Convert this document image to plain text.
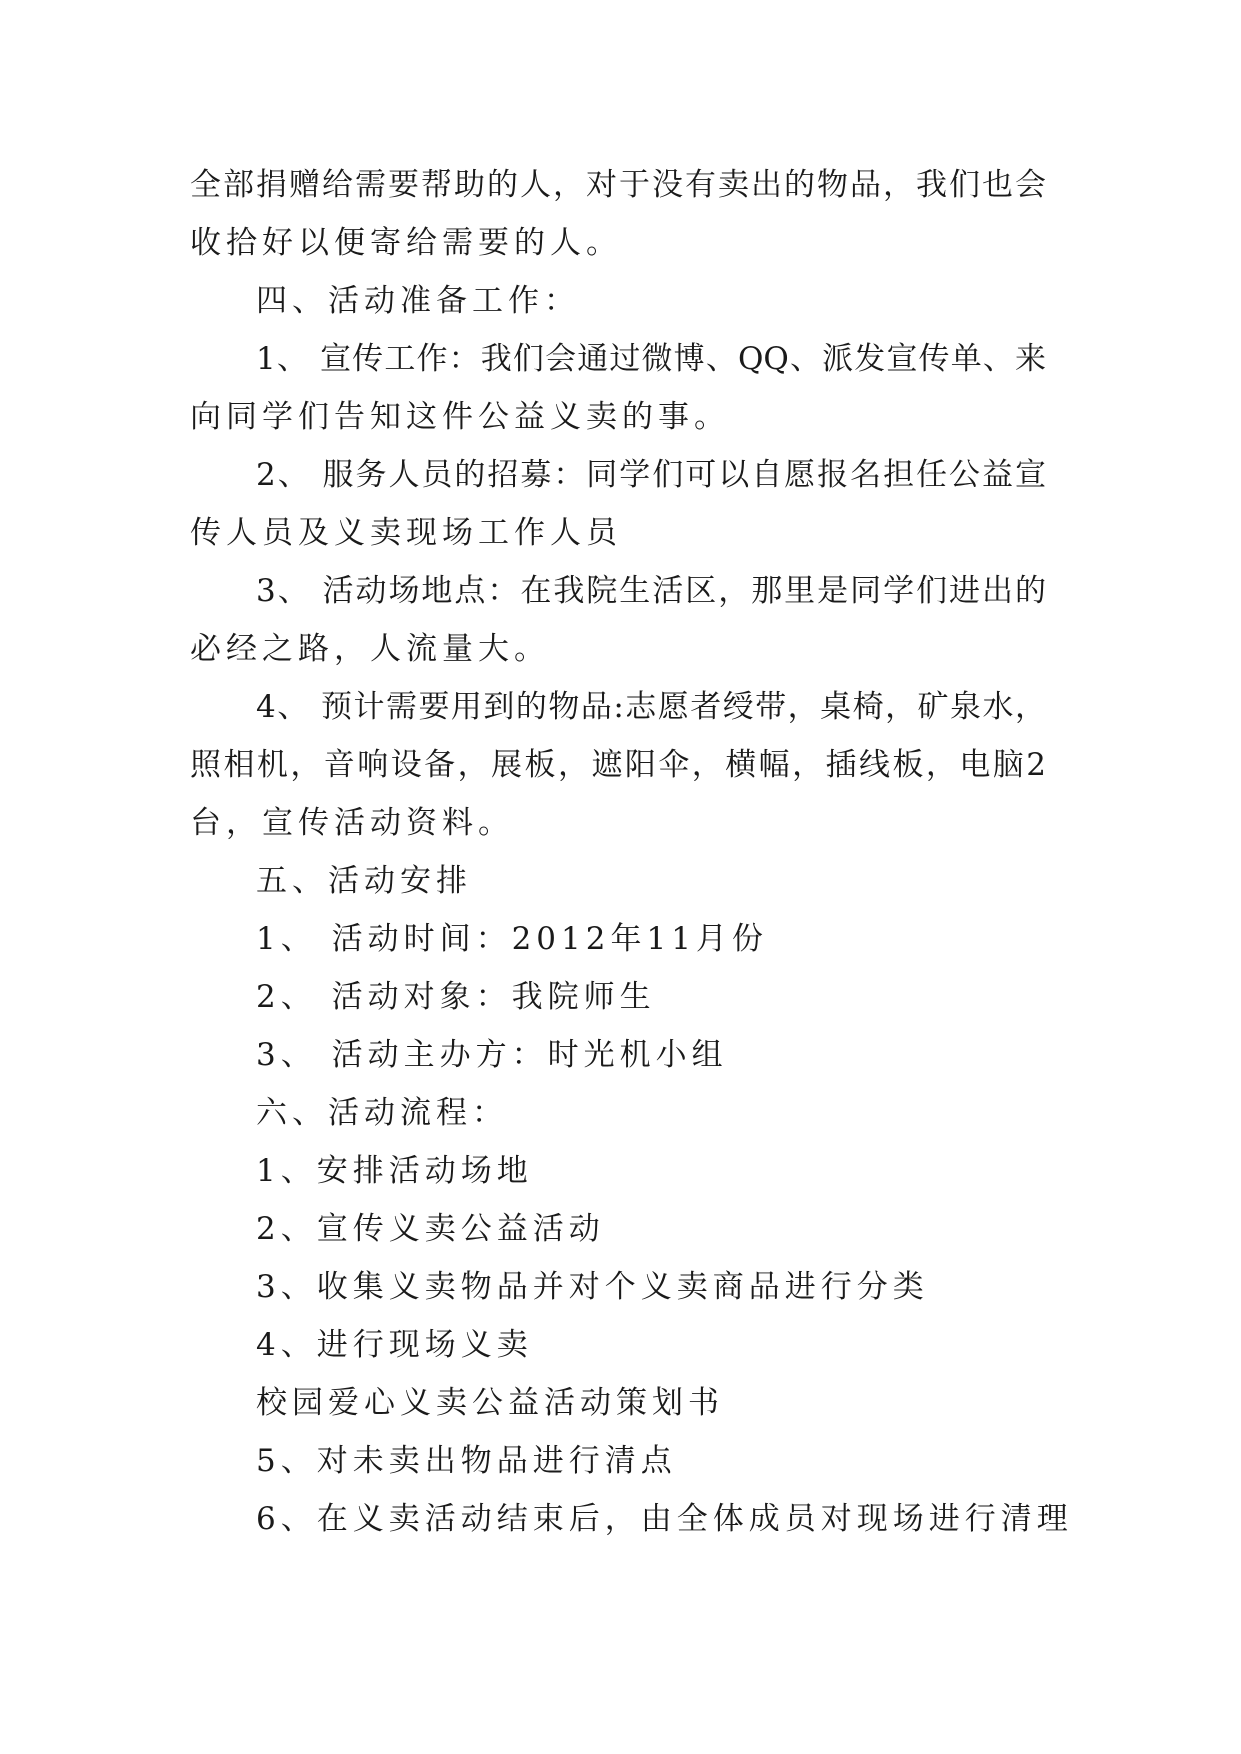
全部捐赠给需要帮助的人，对于没有卖出的物品，我们也会
收拾好以便寄给需要的人。
四、活动准备工作：
1、 宣传工作：我们会通过微博、QQ、派发宣传单、来
向同学们告知这件公益义卖的事。
2、 服务人员的招募：同学们可以自愿报名担任公益宣
传人员及义卖现场工作人员
3、 活动场地点：在我院生活区，那里是同学们进出的
必经之路，人流量大。
4、 预计需要用到的物品:志愿者绶带，桌椅，矿泉水，
照相机，音响设备，展板，遮阳伞，横幅，插线板，电脑2
台，宣传活动资料。
五、活动安排
1、 活动时间：2012年11月份
2、 活动对象：我院师生
3、 活动主办方：时光机小组
六、活动流程：
1、安排活动场地
2、宣传义卖公益活动
3、收集义卖物品并对个义卖商品进行分类
4、进行现场义卖
校园爱心义卖公益活动策划书
5、对未卖出物品进行清点
6、在义卖活动结束后，由全体成员对现场进行清理
